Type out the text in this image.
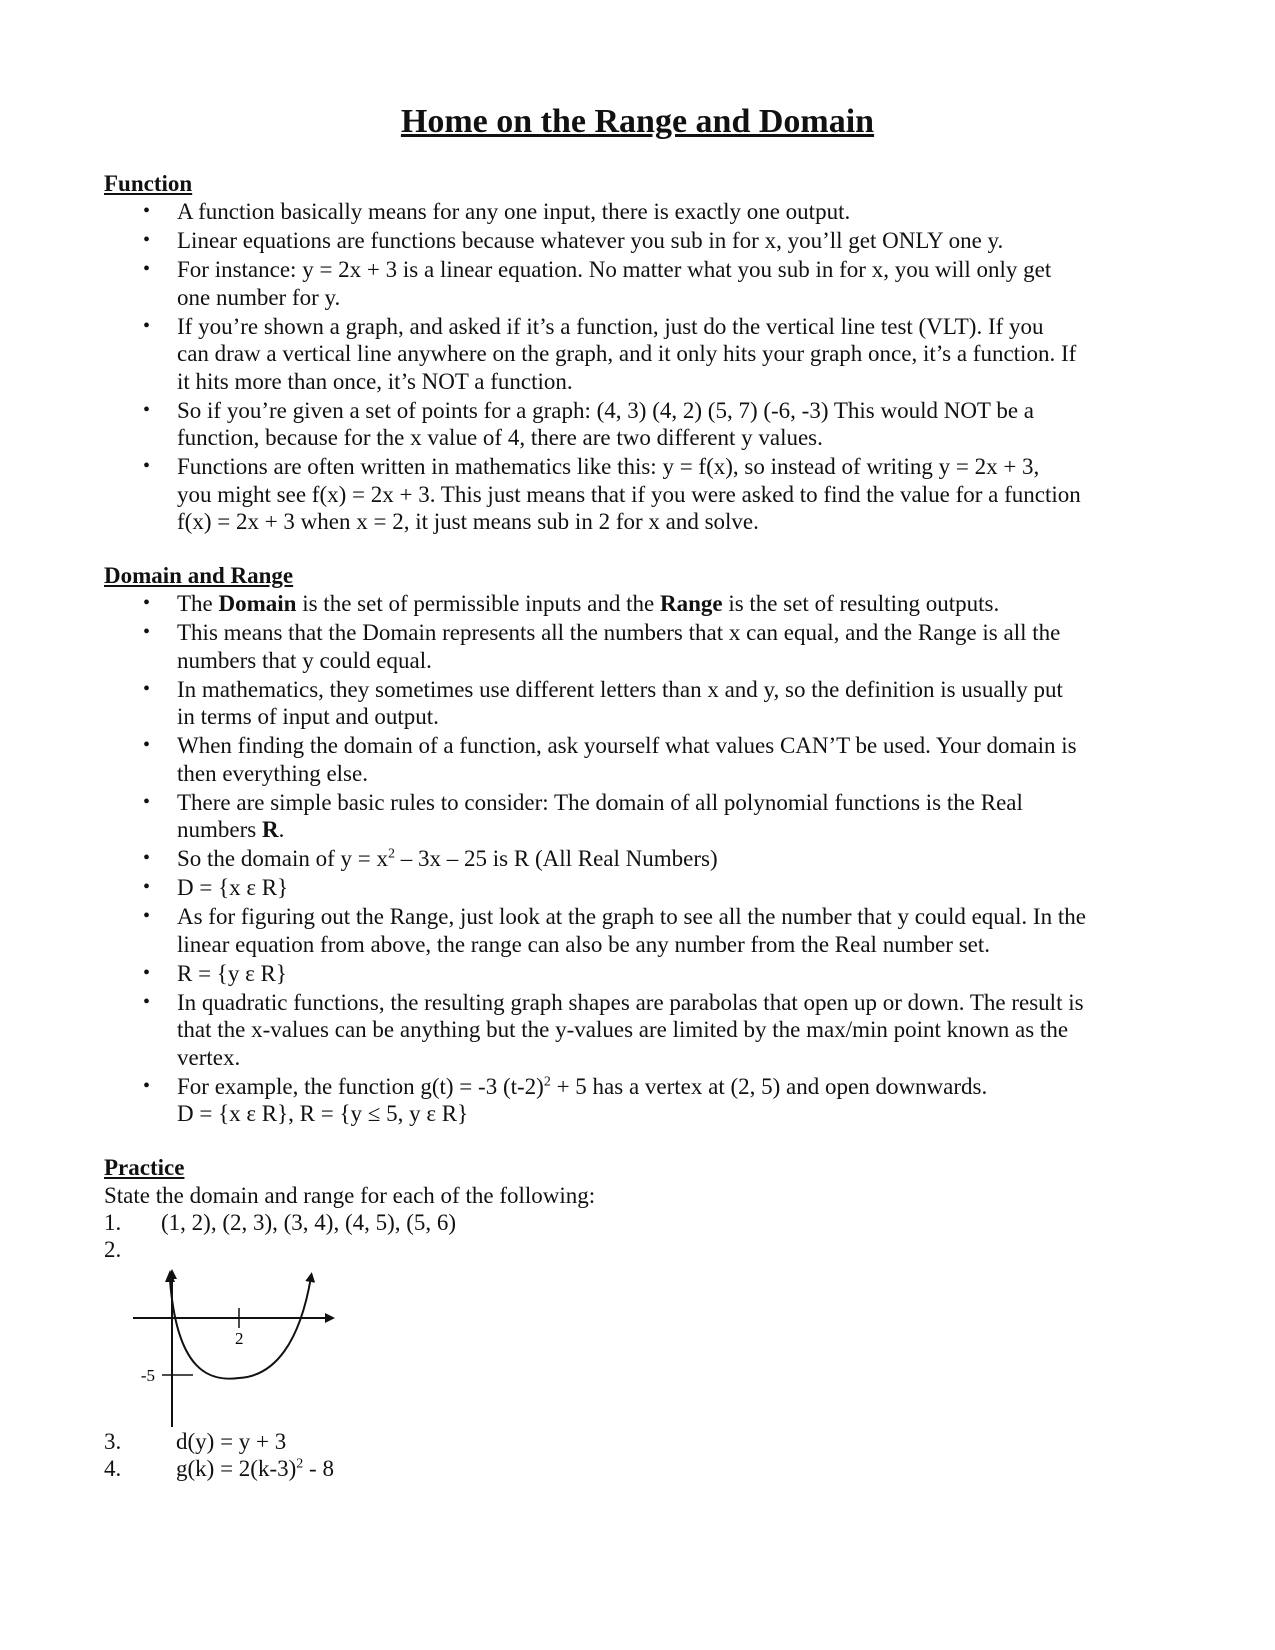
Home on the Range and Domain
Function
• A function basically means for any one input, there is exactly one output.
• Linear equations are functions because whatever you sub in for x, you’ll get ONLY one y.
• For instance: y = 2x + 3 is a linear equation. No matter what you sub in for x, you will only get
one number for y.
• If you’re shown a graph, and asked if it’s a function, just do the vertical line test (VLT). If you
can draw a vertical line anywhere on the graph, and it only hits your graph once, it’s a function. If
it hits more than once, it’s NOT a function.
• So if you’re given a set of points for a graph: (4, 3) (4, 2) (5, 7) (-6, -3) This would NOT be a
function, because for the x value of 4, there are two different y values.
• Functions are often written in mathematics like this: y = f(x), so instead of writing y = 2x + 3,
you might see f(x) = 2x + 3. This just means that if you were asked to find the value for a function
f(x) = 2x + 3 when x = 2, it just means sub in 2 for x and solve.
Domain and Range
• The Domain is the set of permissible inputs and the Range is the set of resulting outputs.
• This means that the Domain represents all the numbers that x can equal, and the Range is all the
numbers that y could equal.
• In mathematics, they sometimes use different letters than x and y, so the definition is usually put
in terms of input and output.
• When finding the domain of a function, ask yourself what values CAN’T be used. Your domain is
then everything else.
• There are simple basic rules to consider: The domain of all polynomial functions is the Real
numbers R.
• So the domain of $y = x^2 - 3x - 25$ is R (All Real Numbers)
• D = {x ε R}
• As for figuring out the Range, just look at the graph to see all the number that y could equal. In the
linear equation from above, the range can also be any number from the Real number set.
• R = {y ε R}
• In quadratic functions, the resulting graph shapes are parabolas that open up or down. The result is
that the x-values can be anything but the y-values are limited by the max/min point known as the
vertex.
• For example, the function g(t) = -3 $(t-2)^2 + 5$ has a vertex at (2, 5) and open downwards.
D = {x ε R}, R = {y ≤ 5, y ε R}
Practice
State the domain and range for each of the following:
1. (1, 2), (2, 3), (3, 4), (4, 5), (5, 6)
2.
2
-5
3. d(y) = y + 3
4. $g(k) = 2(k-3)^2 - 8$
